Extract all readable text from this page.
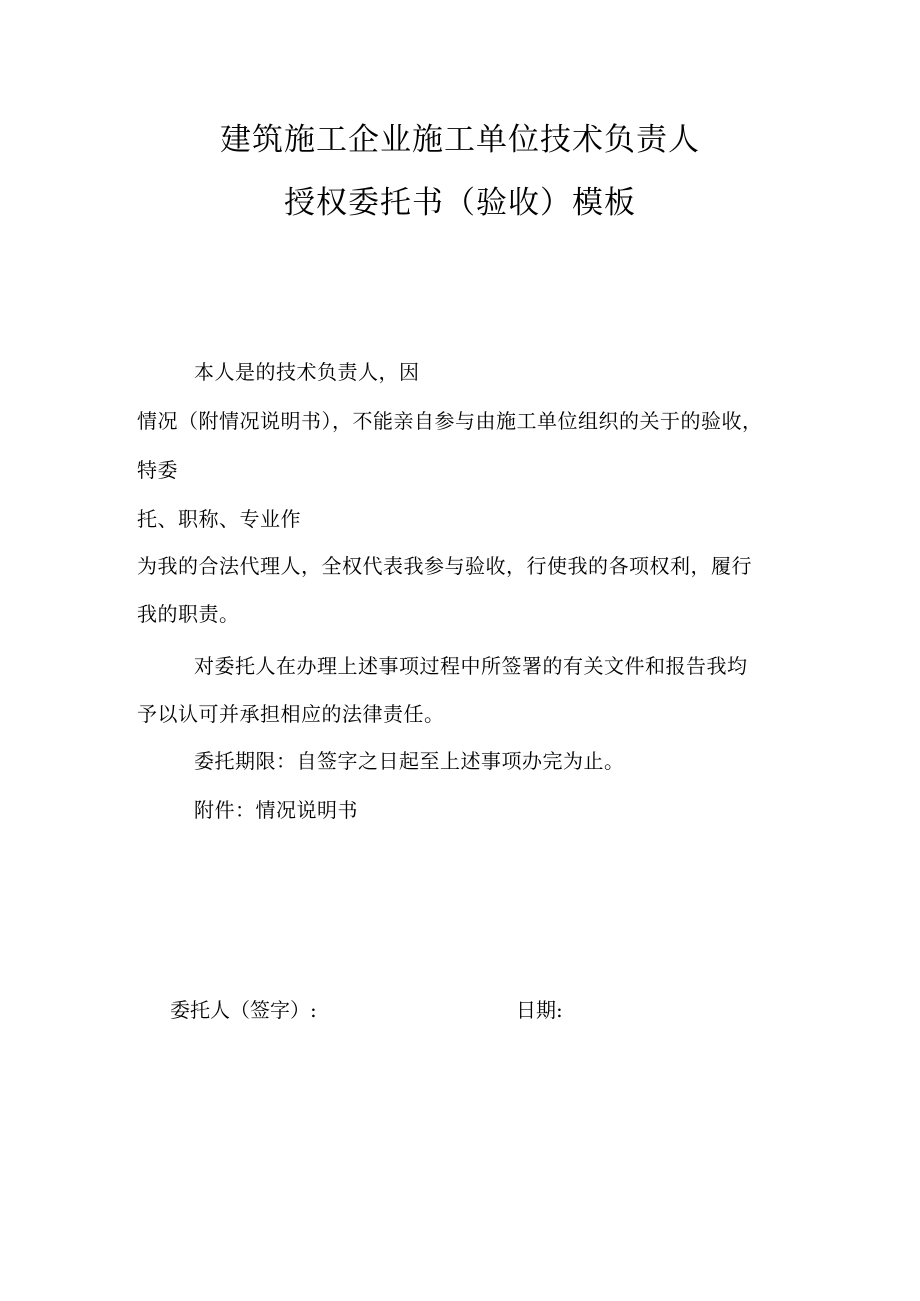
建筑施工企业施工单位技术负责人
授权委托书（验收）模板
本人是的技术负责人，因
情况（附情况说明书），不能亲自参与由施工单位组织的关于的验收，
特委
托、职称、专业作
为我的合法代理人，全权代表我参与验收，行使我的各项权利，履行
我的职责。
对委托人在办理上述事项过程中所签署的有关文件和报告我均
予以认可并承担相应的法律责任。
委托期限：自签字之日起至上述事项办完为止。
附件：情况说明书
委托人（签字）:	日期:
